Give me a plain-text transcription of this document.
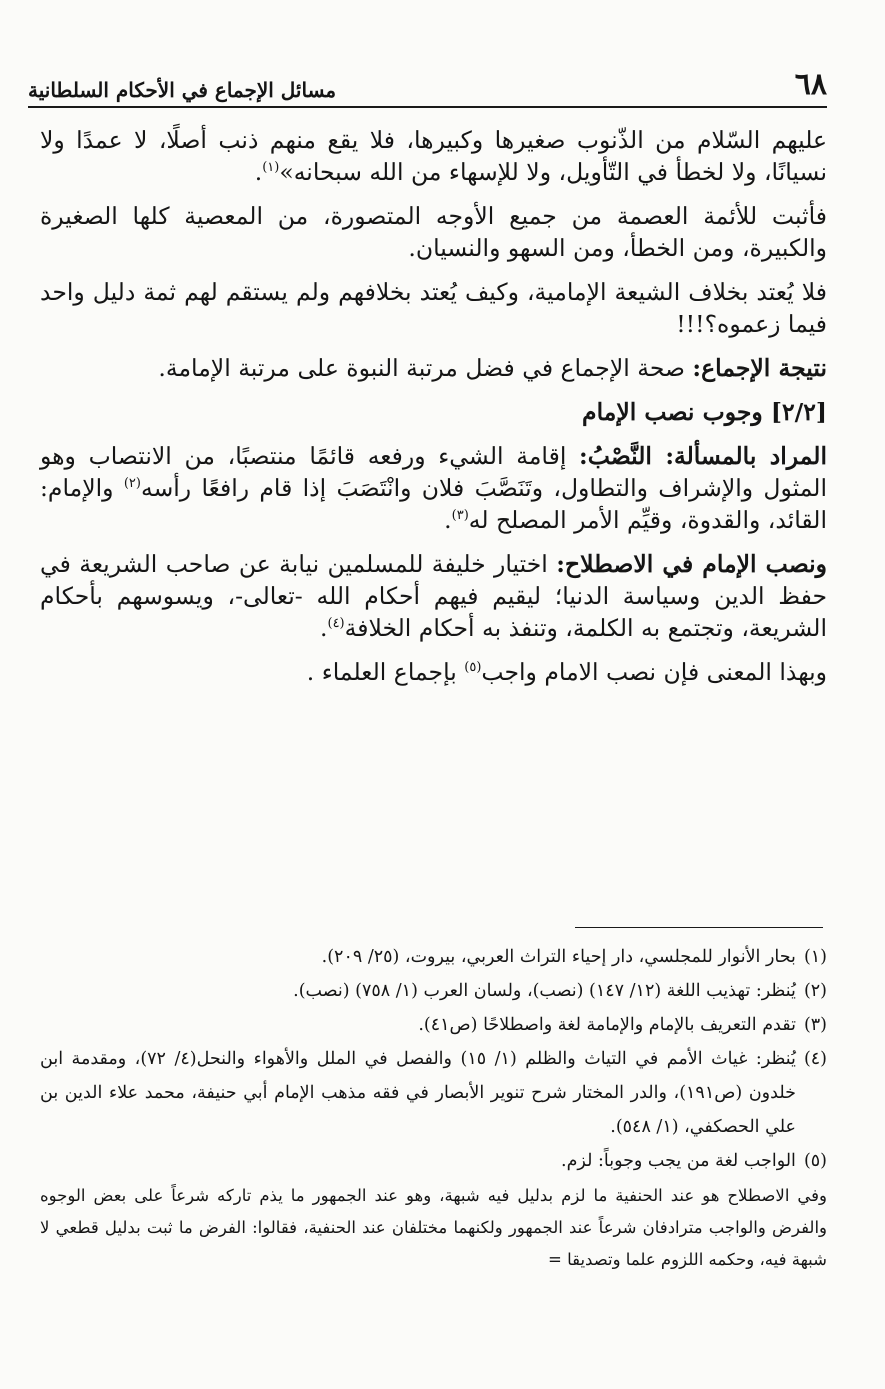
٦٨
مسائل الإجماع في الأحكام السلطانية

عليهم السّلام من الذّنوب صغيرها وكبيرها، فلا يقع منهم ذنب أصلًا، لا عمدًا ولا نسيانًا، ولا لخطأ في التّأويل، ولا للإسهاء من الله سبحانه»$^{(١)}$.

فأثبت للأئمة العصمة من جميع الأوجه المتصورة، من المعصية كلها الصغيرة والكبيرة، ومن الخطأ، ومن السهو والنسيان.

فلا يُعتد بخلاف الشيعة الإمامية، وكيف يُعتد بخلافهم ولم يستقم لهم ثمة دليل واحد فيما زعموه؟!!!

نتيجة الإجماع: صحة الإجماع في فضل مرتبة النبوة على مرتبة الإمامة.

[٢/٢] وجوب نصب الإمام

المراد بالمسألة: النَّصْبُ: إقامة الشيء ورفعه قائمًا منتصبًا، من الانتصاب وهو المثول والإشراف والتطاول، وتَنَصَّبَ فلان وانْتَصَبَ إذا قام رافعًا رأسه$^{(٢)}$ والإمام: القائد، والقدوة، وقيِّم الأمر المصلح له$^{(٣)}$.

ونصب الإمام في الاصطلاح: اختيار خليفة للمسلمين نيابة عن صاحب الشريعة في حفظ الدين وسياسة الدنيا؛ ليقيم فيهم أحكام الله -تعالى-، ويسوسهم بأحكام الشريعة، وتجتمع به الكلمة، وتنفذ به أحكام الخلافة$^{(٤)}$.

وبهذا المعنى فإن نصب الامام واجب$^{(٥)}$ بإجماع العلماء .

(١)
بحار الأنوار للمجلسي، دار إحياء التراث العربي، بيروت، (٢٥/ ٢٠٩).
(٢)
يُنظر: تهذيب اللغة (١٢/ ١٤٧) (نصب)، ولسان العرب (١/ ٧٥٨) (نصب).
(٣)
تقدم التعريف بالإمام والإمامة لغة واصطلاحًا (ص٤١).
(٤)
يُنظر: غياث الأمم في التياث والظلم (١/ ١٥) والفصل في الملل والأهواء والنحل(٤/ ٧٢)، ومقدمة ابن خلدون (ص١٩١)، والدر المختار شرح تنوير الأبصار في فقه مذهب الإمام أبي حنيفة، محمد علاء الدين بن علي الحصكفي، (١/ ٥٤٨).
(٥)
الواجب لغة من يجب وجوباً: لزم.
وفي الاصطلاح هو عند الحنفية ما لزم بدليل فيه شبهة، وهو عند الجمهور ما يذم تاركه شرعاً على بعض الوجوه والفرض والواجب مترادفان شرعاً عند الجمهور ولكنهما مختلفان عند الحنفية، فقالوا: الفرض ما ثبت بدليل قطعي لا شبهة فيه، وحكمه اللزوم علما وتصديقا =
